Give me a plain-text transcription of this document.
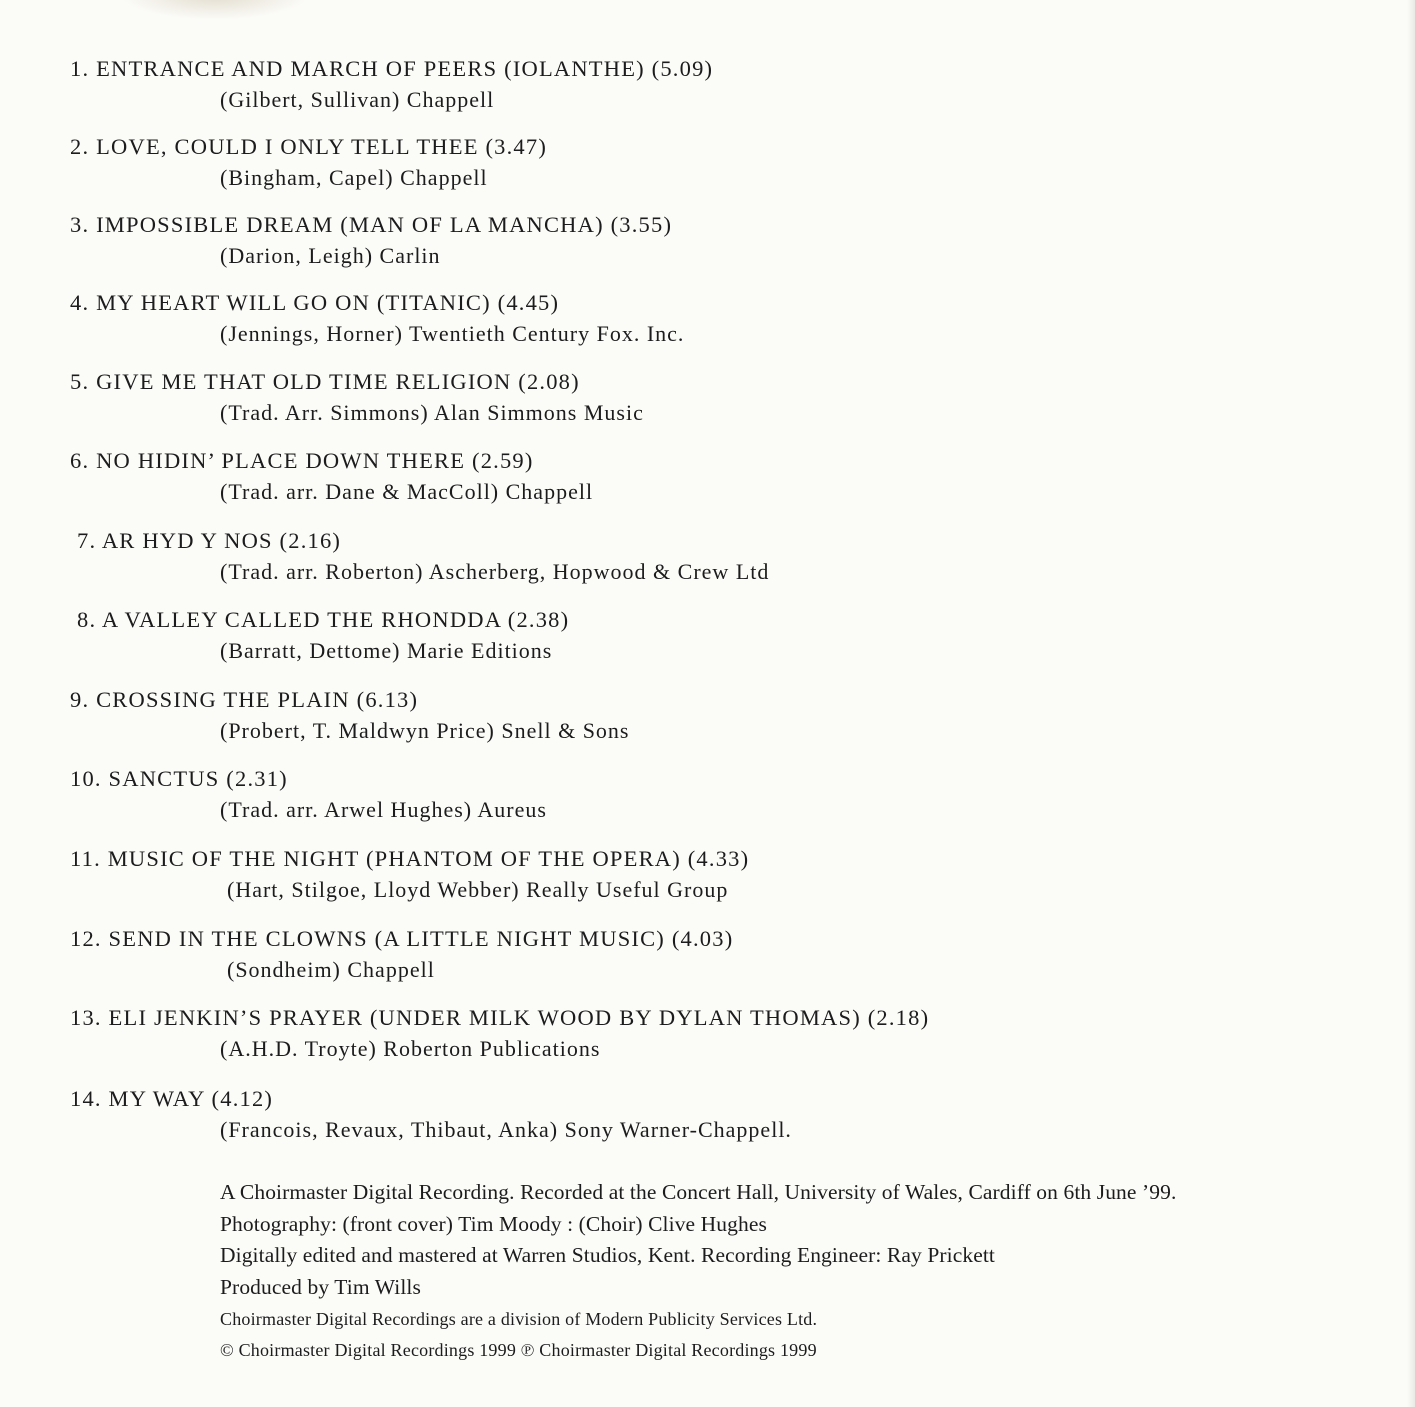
1. ENTRANCE AND MARCH OF PEERS (IOLANTHE) (5.09)
(Gilbert, Sullivan) Chappell
2. LOVE, COULD I ONLY TELL THEE (3.47)
(Bingham, Capel) Chappell
3. IMPOSSIBLE DREAM (MAN OF LA MANCHA) (3.55)
(Darion, Leigh) Carlin
4. MY HEART WILL GO ON (TITANIC) (4.45)
(Jennings, Horner) Twentieth Century Fox. Inc.
5. GIVE ME THAT OLD TIME RELIGION (2.08)
(Trad. Arr. Simmons) Alan Simmons Music
6. NO HIDIN’ PLACE DOWN THERE (2.59)
(Trad. arr. Dane & MacColl) Chappell
7. AR HYD Y NOS (2.16)
(Trad. arr. Roberton) Ascherberg, Hopwood & Crew Ltd
8. A VALLEY CALLED THE RHONDDA (2.38)
(Barratt, Dettome) Marie Editions
9. CROSSING THE PLAIN (6.13)
(Probert, T. Maldwyn Price) Snell & Sons
10. SANCTUS (2.31)
(Trad. arr. Arwel Hughes) Aureus
11. MUSIC OF THE NIGHT (PHANTOM OF THE OPERA) (4.33)
(Hart, Stilgoe, Lloyd Webber) Really Useful Group
12. SEND IN THE CLOWNS (A LITTLE NIGHT MUSIC) (4.03)
(Sondheim) Chappell
13. ELI JENKIN’S PRAYER (UNDER MILK WOOD BY DYLAN THOMAS) (2.18)
(A.H.D. Troyte) Roberton Publications
14. MY WAY (4.12)
(Francois, Revaux, Thibaut, Anka) Sony Warner-Chappell.
A Choirmaster Digital Recording. Recorded at the Concert Hall, University of Wales, Cardiff on 6th June ’99.
Photography: (front cover) Tim Moody : (Choir) Clive Hughes
Digitally edited and mastered at Warren Studios, Kent. Recording Engineer: Ray Prickett
Produced by Tim Wills
Choirmaster Digital Recordings are a division of Modern Publicity Services Ltd.
© Choirmaster Digital Recordings 1999 ℗ Choirmaster Digital Recordings 1999
